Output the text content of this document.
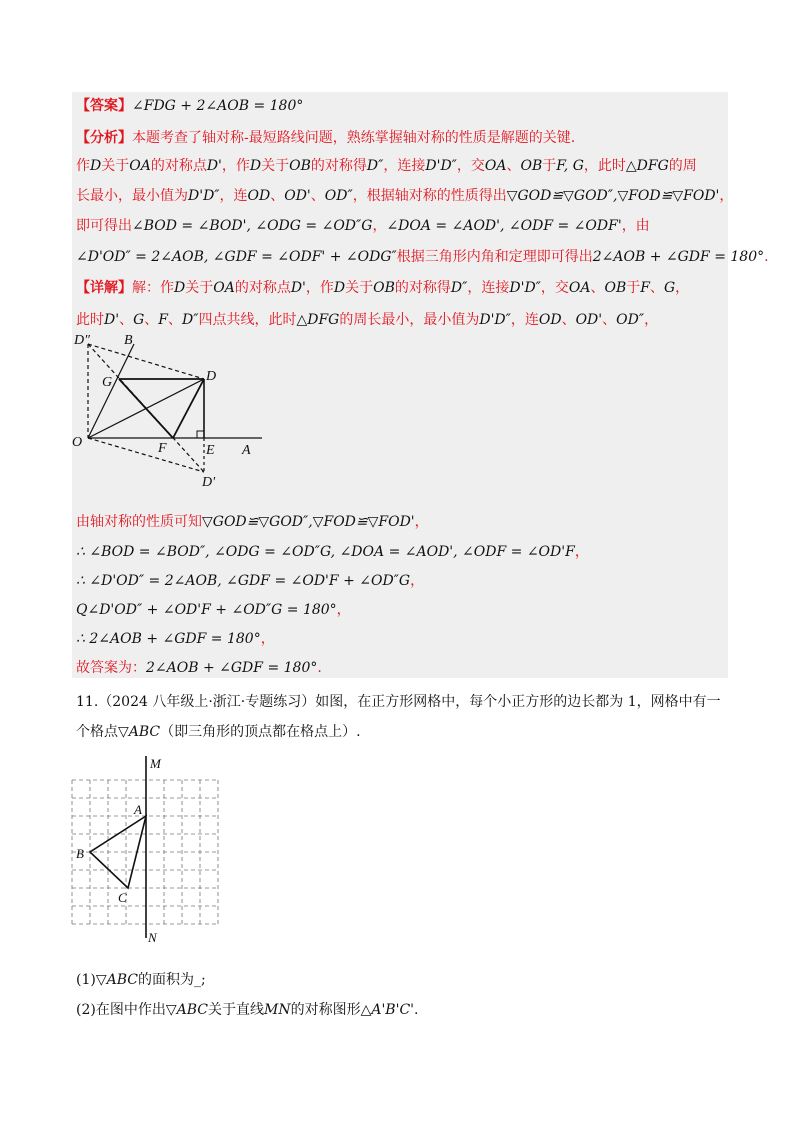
【答案】∠FDG + 2∠AOB = 180°
【分析】本题考查了轴对称-最短路线问题，熟练掌握轴对称的性质是解题的关键.
作D关于OA的对称点D'，作D关于OB的对称得D″，连接D'D″，交OA、OB于F, G，此时△DFG的周
长最小，最小值为D'D″，连OD、OD'、OD″，根据轴对称的性质得出▽GOD≌▽GOD″,▽FOD≌▽FOD'，
即可得出∠BOD = ∠BOD', ∠ODG = ∠OD″G，∠DOA = ∠AOD', ∠ODF = ∠ODF'，由
∠D'OD″ = 2∠AOB, ∠GDF = ∠ODF' + ∠ODG″根据三角形内角和定理即可得出2∠AOB + ∠GDF = 180°.
【详解】解：作D关于OA的对称点D'，作D关于OB的对称得D″，连接D'D″，交OA、OB于F、G，
此时D'、G、F、D″四点共线，此时△DFG的周长最小，最小值为D'D″，连OD、OD'、OD″，
D″ B
G	D
O	F	E A
D'
由轴对称的性质可知▽GOD≌▽GOD″,▽FOD≌▽FOD'，
∴ ∠BOD = ∠BOD″, ∠ODG = ∠OD″G, ∠DOA = ∠AOD', ∠ODF = ∠OD'F，
∴ ∠D'OD″ = 2∠AOB, ∠GDF = ∠OD'F + ∠OD″G，
Q∠D'OD″ + ∠OD'F + ∠OD″G = 180°，
∴ 2∠AOB + ∠GDF = 180°，
故答案为：2∠AOB + ∠GDF = 180°.
11.（2024 八年级上·浙江·专题练习）如图，在正方形网格中，每个小正方形的边长都为 1，网格中有一
个格点▽ABC（即三角形的顶点都在格点上）.
M
N
A
B
C
(1)▽ABC的面积为_;
(2)在图中作出▽ABC关于直线MN的对称图形△A'B'C'.
